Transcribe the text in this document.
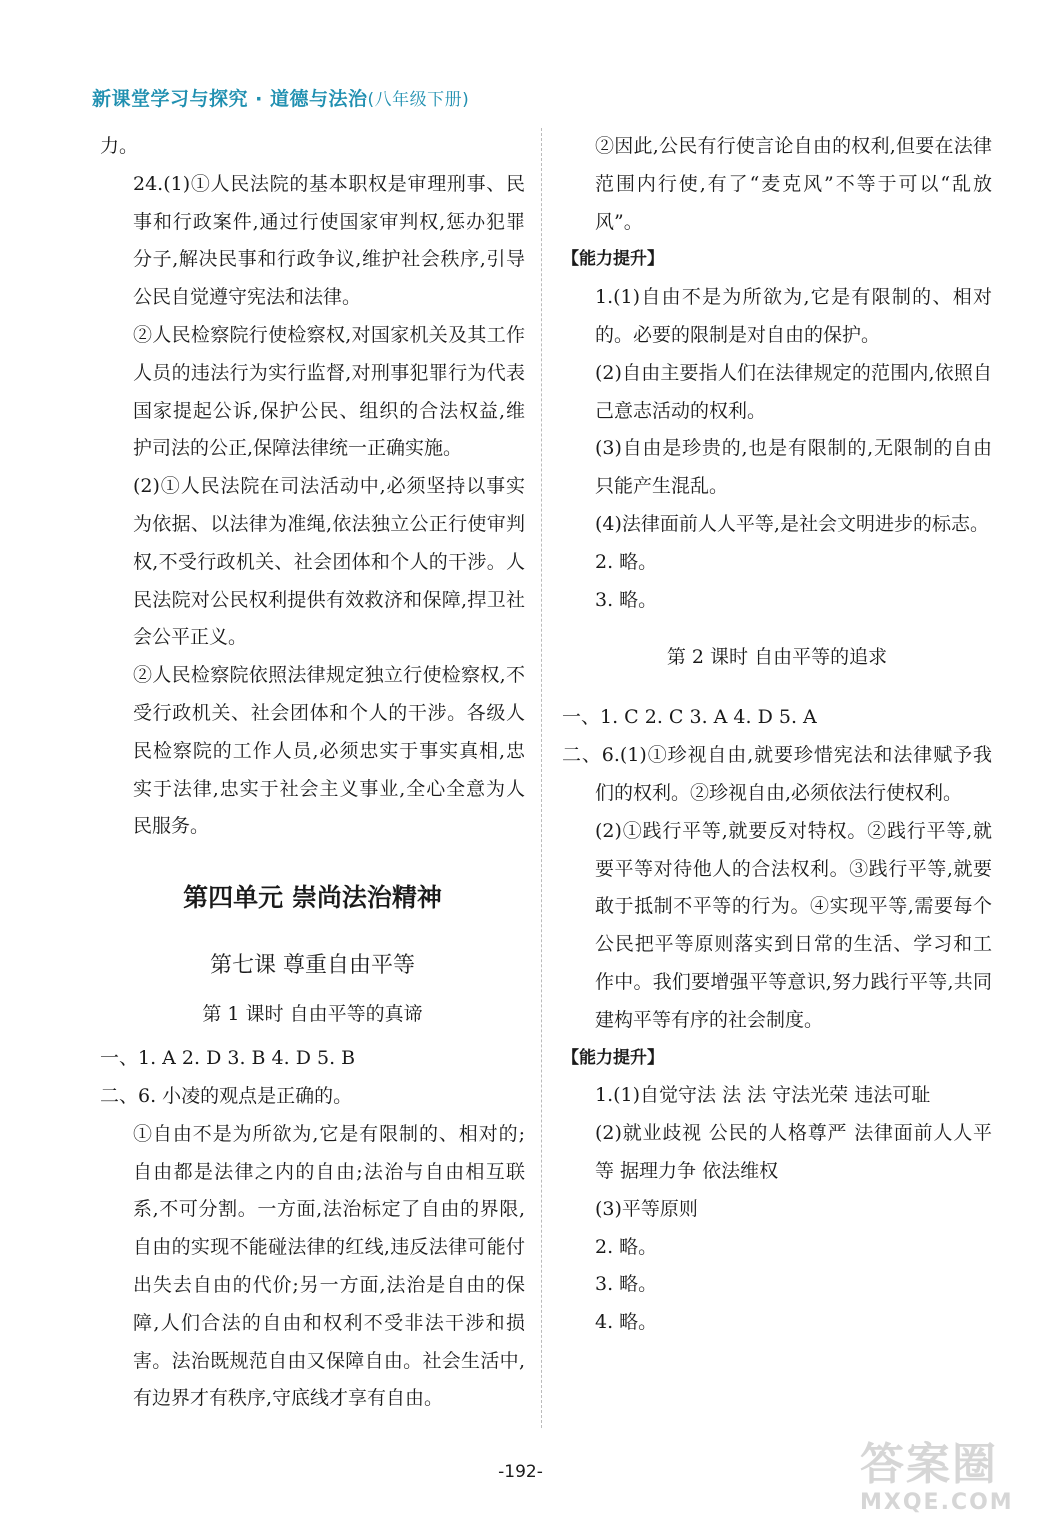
新课堂学习与探究 · 道德与法治(八年级下册)

力。

24.(1)①人民法院的基本职权是审理刑事、民事和行政案件,通过行使国家审判权,惩办犯罪分子,解决民事和行政争议,维护社会秩序,引导公民自觉遵守宪法和法律。

②人民检察院行使检察权,对国家机关及其工作人员的违法行为实行监督,对刑事犯罪行为代表国家提起公诉,保护公民、组织的合法权益,维护司法的公正,保障法律统一正确实施。

(2)①人民法院在司法活动中,必须坚持以事实为依据、以法律为准绳,依法独立公正行使审判权,不受行政机关、社会团体和个人的干涉。人民法院对公民权利提供有效救济和保障,捍卫社会公平正义。

②人民检察院依照法律规定独立行使检察权,不受行政机关、社会团体和个人的干涉。各级人民检察院的工作人员,必须忠实于事实真相,忠实于法律,忠实于社会主义事业,全心全意为人民服务。

第四单元 崇尚法治精神
第七课 尊重自由平等
第 1 课时 自由平等的真谛

一、1. A 2. D 3. B 4. D 5. B

二、6. 小凌的观点是正确的。

①自由不是为所欲为,它是有限制的、相对的;自由都是法律之内的自由;法治与自由相互联系,不可分割。一方面,法治标定了自由的界限,自由的实现不能碰法律的红线,违反法律可能付出失去自由的代价;另一方面,法治是自由的保障,人们合法的自由和权利不受非法干涉和损害。法治既规范自由又保障自由。社会生活中,有边界才有秩序,守底线才享有自由。

②因此,公民有行使言论自由的权利,但要在法律范围内行使,有了“麦克风”不等于可以“乱放风”。

【能力提升】

1.(1)自由不是为所欲为,它是有限制的、相对的。必要的限制是对自由的保护。

(2)自由主要指人们在法律规定的范围内,依照自己意志活动的权利。

(3)自由是珍贵的,也是有限制的,无限制的自由只能产生混乱。

(4)法律面前人人平等,是社会文明进步的标志。

2. 略。

3. 略。

第 2 课时 自由平等的追求

一、1. C 2. C 3. A 4. D 5. A

二、6.(1)①珍视自由,就要珍惜宪法和法律赋予我们的权利。②珍视自由,必须依法行使权利。

(2)①践行平等,就要反对特权。②践行平等,就要平等对待他人的合法权利。③践行平等,就要敢于抵制不平等的行为。④实现平等,需要每个公民把平等原则落实到日常的生活、学习和工作中。我们要增强平等意识,努力践行平等,共同建构平等有序的社会制度。

【能力提升】

1.(1)自觉守法 法 法 守法光荣 违法可耻

(2)就业歧视 公民的人格尊严 法律面前人人平等 据理力争 依法维权

(3)平等原则

2. 略。

3. 略。

4. 略。

-192-	答案圈
MXQE.COM
